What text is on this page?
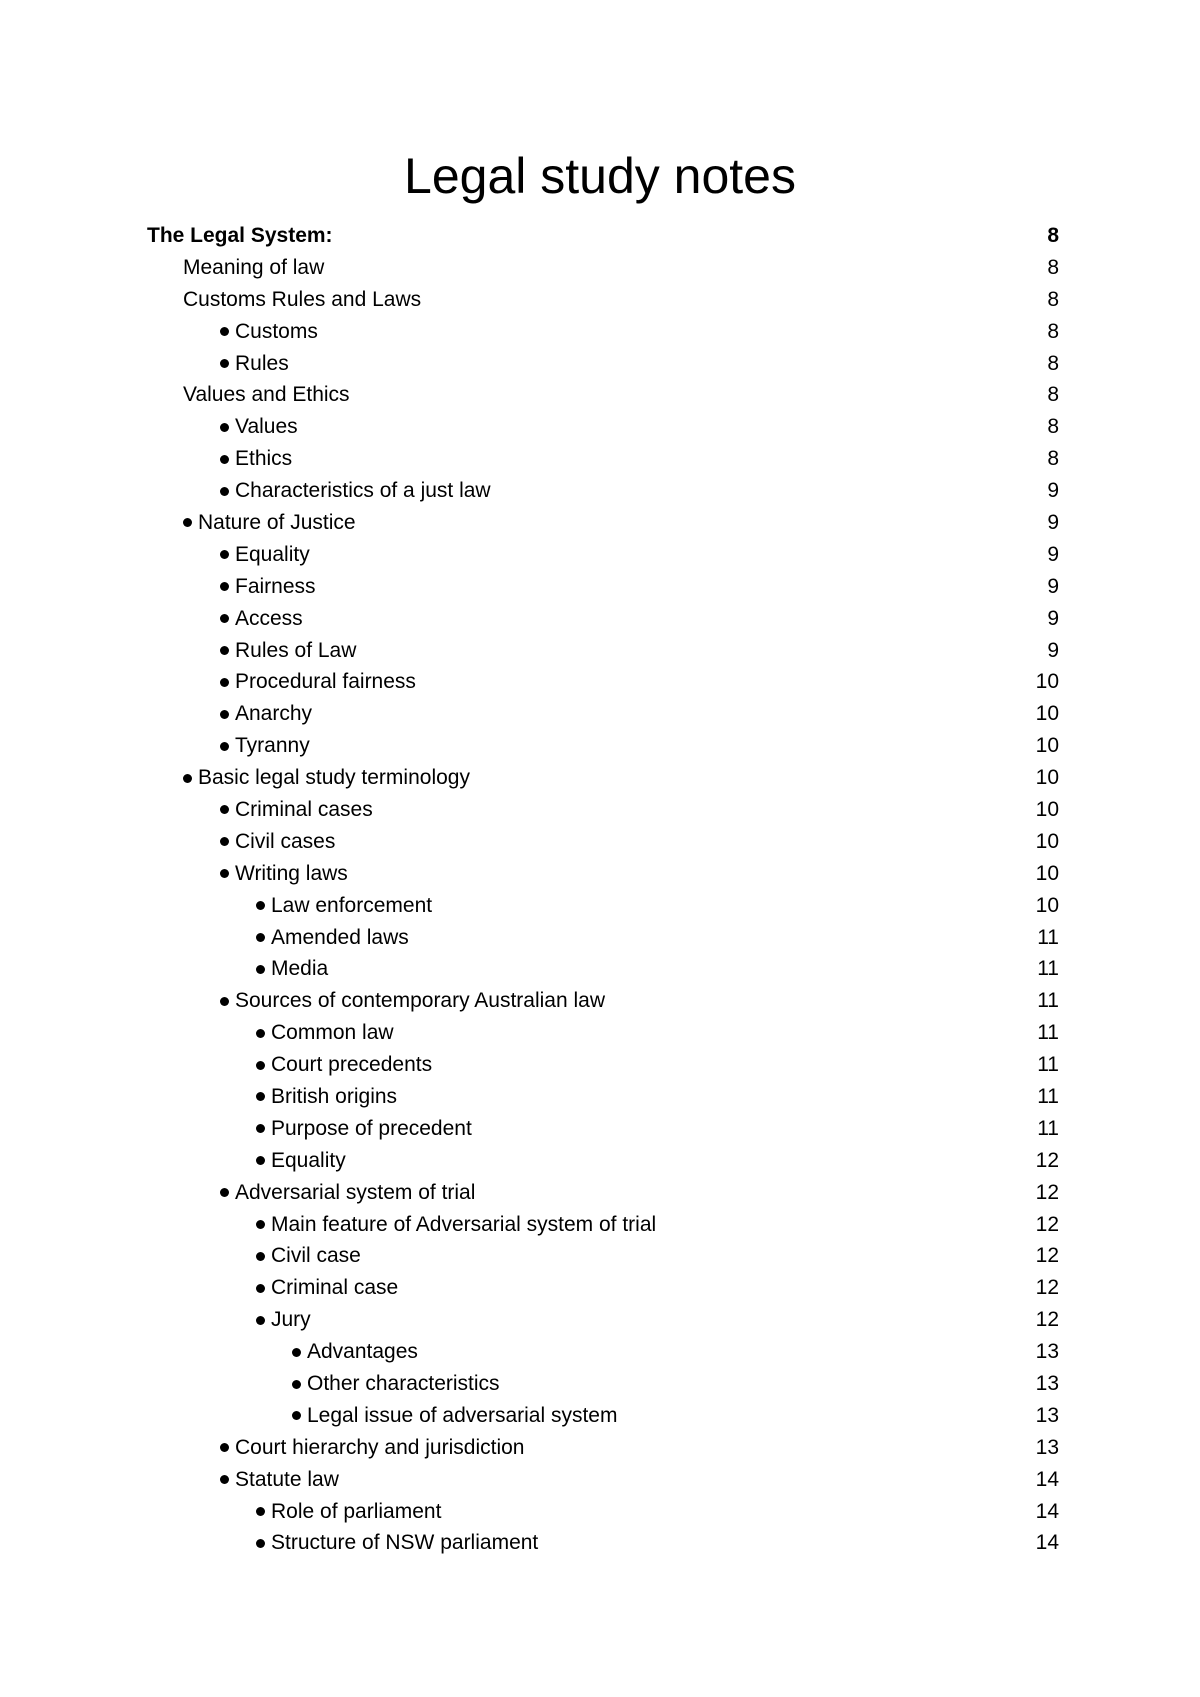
Legal study notes
The Legal System:	8
Meaning of law	8
Customs Rules and Laws	8
Customs	8
Rules	8
Values and Ethics	8
Values	8
Ethics	8
Characteristics of a just law	9
Nature of Justice	9
Equality	9
Fairness	9
Access	9
Rules of Law	9
Procedural fairness	10
Anarchy	10
Tyranny	10
Basic legal study terminology	10
Criminal cases	10
Civil cases	10
Writing laws	10
Law enforcement	10
Amended laws	11
Media	11
Sources of contemporary Australian law	11
Common law	11
Court precedents	11
British origins	11
Purpose of precedent	11
Equality	12
Adversarial system of trial	12
Main feature of Adversarial system of trial	12
Civil case	12
Criminal case	12
Jury	12
Advantages	13
Other characteristics	13
Legal issue of adversarial system	13
Court hierarchy and jurisdiction	13
Statute law	14
Role of parliament	14
Structure of NSW parliament	14
